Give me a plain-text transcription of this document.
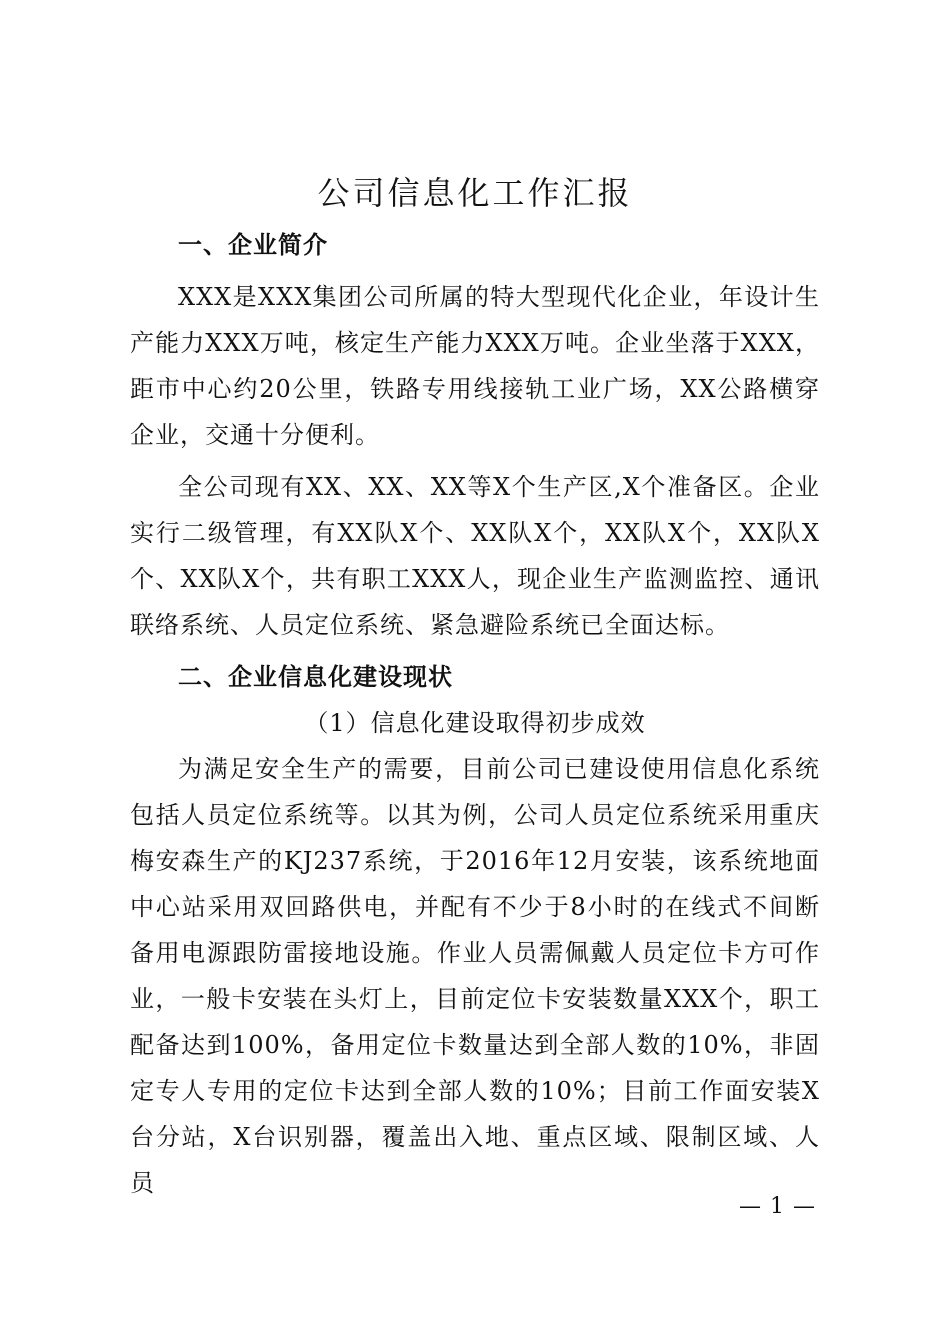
公司信息化工作汇报

一、企业简介

XXX是XXX集团公司所属的特大型现代化企业，年设计生产能力XXX万吨，核定生产能力XXX万吨。企业坐落于XXX，距市中心约20公里，铁路专用线接轨工业广场，XX公路横穿企业，交通十分便利。

全公司现有XX、XX、XX等X个生产区,X个准备区。企业实行二级管理，有XX队X个、XX队X个，XX队X个，XX队X个、XX队X个，共有职工XXX人，现企业生产监测监控、通讯联络系统、人员定位系统、紧急避险系统已全面达标。

二、企业信息化建设现状

（1）信息化建设取得初步成效

为满足安全生产的需要，目前公司已建设使用信息化系统包括人员定位系统等。以其为例，公司人员定位系统采用重庆梅安森生产的KJ237系统，于2016年12月安装，该系统地面中心站采用双回路供电，并配有不少于8小时的在线式不间断备用电源跟防雷接地设施。作业人员需佩戴人员定位卡方可作业，一般卡安装在头灯上，目前定位卡安装数量XXX个，职工配备达到100%，备用定位卡数量达到全部人数的10%，非固定专人专用的定位卡达到全部人数的10%；目前工作面安装X台分站，X台识别器，覆盖出入地、重点区域、限制区域、人员

— 1 —
